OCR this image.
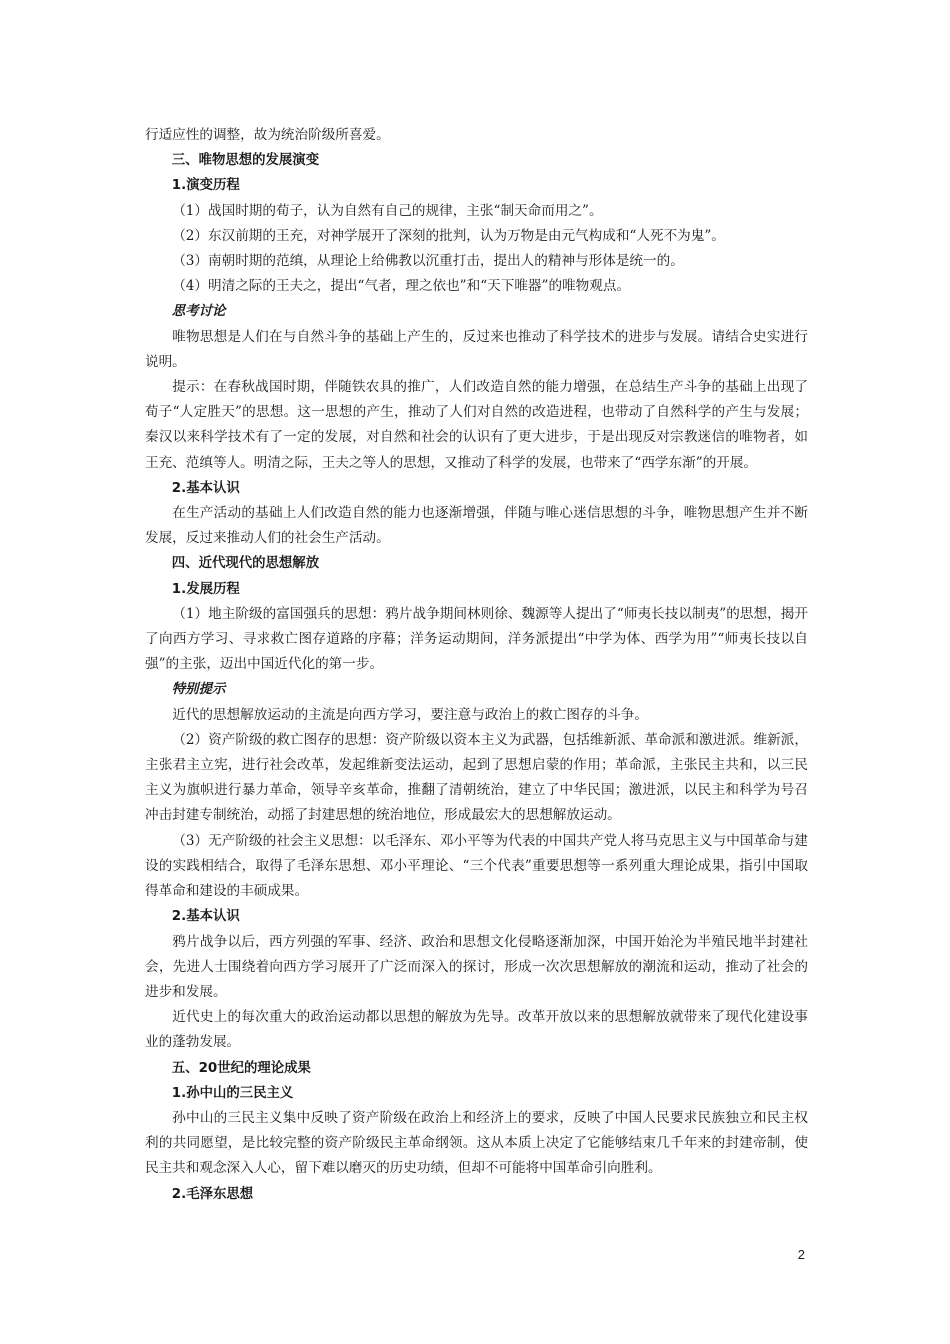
行适应性的调整，故为统治阶级所喜爱。

三、唯物思想的发展演变

1.演变历程

（1）战国时期的荀子，认为自然有自己的规律，主张“制天命而用之”。

（2）东汉前期的王充，对神学展开了深刻的批判，认为万物是由元气构成和“人死不为鬼”。

（3）南朝时期的范缜，从理论上给佛教以沉重打击，提出人的精神与形体是统一的。

（4）明清之际的王夫之，提出“气者，理之依也”和“天下唯器”的唯物观点。

思考讨论

唯物思想是人们在与自然斗争的基础上产生的，反过来也推动了科学技术的进步与发展。请结合史实进行说明。

提示：在春秋战国时期，伴随铁农具的推广，人们改造自然的能力增强，在总结生产斗争的基础上出现了荀子“人定胜天”的思想。这一思想的产生，推动了人们对自然的改造进程，也带动了自然科学的产生与发展；秦汉以来科学技术有了一定的发展，对自然和社会的认识有了更大进步，于是出现反对宗教迷信的唯物者，如王充、范缜等人。明清之际，王夫之等人的思想，又推动了科学的发展，也带来了“西学东渐”的开展。

2.基本认识

在生产活动的基础上人们改造自然的能力也逐渐增强，伴随与唯心迷信思想的斗争，唯物思想产生并不断发展，反过来推动人们的社会生产活动。

四、近代现代的思想解放

1.发展历程

（1）地主阶级的富国强兵的思想：鸦片战争期间林则徐、魏源等人提出了“师夷长技以制夷”的思想，揭开了向西方学习、寻求救亡图存道路的序幕；洋务运动期间，洋务派提出“中学为体、西学为用”“师夷长技以自强”的主张，迈出中国近代化的第一步。

特别提示

近代的思想解放运动的主流是向西方学习，要注意与政治上的救亡图存的斗争。

（2）资产阶级的救亡图存的思想：资产阶级以资本主义为武器，包括维新派、革命派和激进派。维新派，主张君主立宪，进行社会改革，发起维新变法运动，起到了思想启蒙的作用；革命派，主张民主共和，以三民主义为旗帜进行暴力革命，领导辛亥革命，推翻了清朝统治，建立了中华民国；激进派，以民主和科学为号召冲击封建专制统治，动摇了封建思想的统治地位，形成最宏大的思想解放运动。

（3）无产阶级的社会主义思想：以毛泽东、邓小平等为代表的中国共产党人将马克思主义与中国革命与建设的实践相结合，取得了毛泽东思想、邓小平理论、“三个代表”重要思想等一系列重大理论成果，指引中国取得革命和建设的丰硕成果。

2.基本认识

鸦片战争以后，西方列强的军事、经济、政治和思想文化侵略逐渐加深，中国开始沦为半殖民地半封建社会，先进人士围绕着向西方学习展开了广泛而深入的探讨，形成一次次思想解放的潮流和运动，推动了社会的进步和发展。

近代史上的每次重大的政治运动都以思想的解放为先导。改革开放以来的思想解放就带来了现代化建设事业的蓬勃发展。

五、20世纪的理论成果

1.孙中山的三民主义

孙中山的三民主义集中反映了资产阶级在政治上和经济上的要求，反映了中国人民要求民族独立和民主权利的共同愿望，是比较完整的资产阶级民主革命纲领。这从本质上决定了它能够结束几千年来的封建帝制，使民主共和观念深入人心，留下难以磨灭的历史功绩，但却不可能将中国革命引向胜利。

2.毛泽东思想

2
